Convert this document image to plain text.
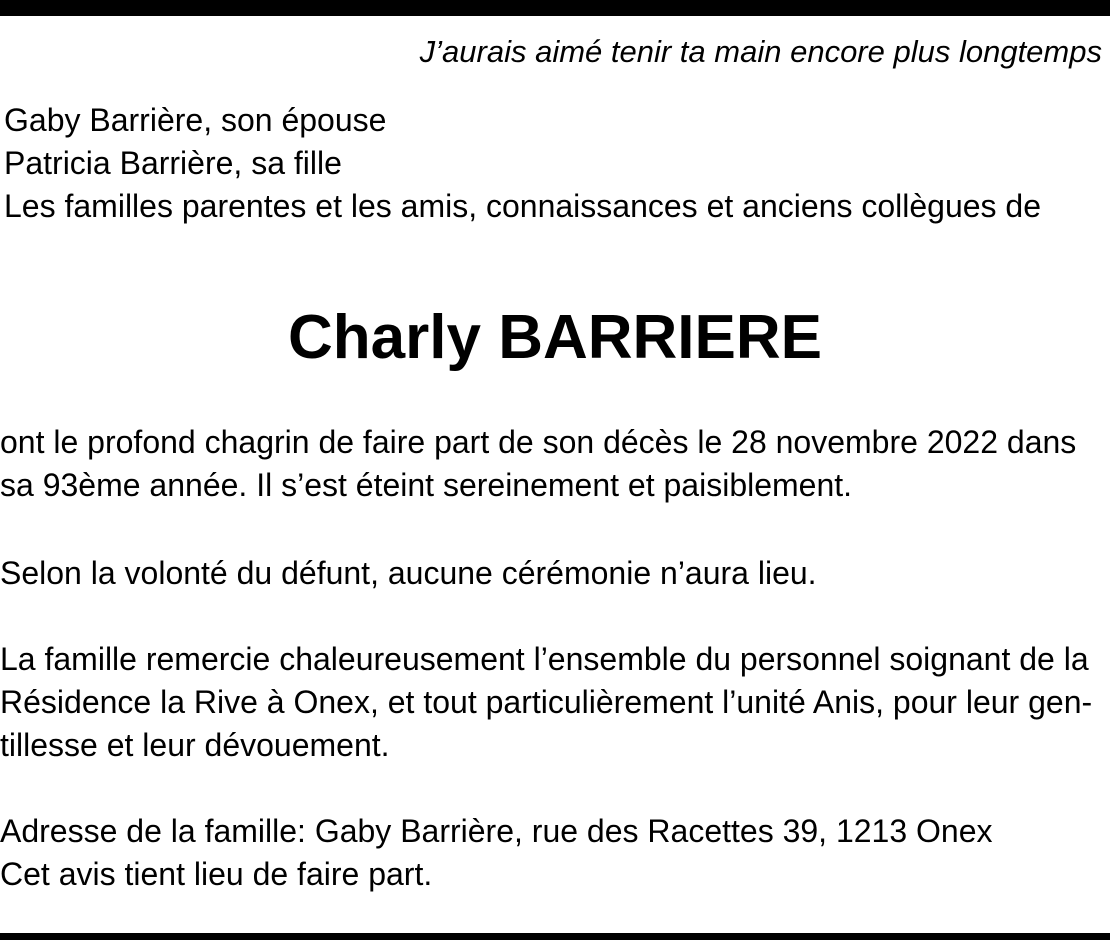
J’aurais aimé tenir ta main encore plus longtemps
Gaby Barrière, son épouse
Patricia Barrière, sa fille
Les familles parentes et les amis, connaissances et anciens collègues de
Charly BARRIERE
ont le profond chagrin de faire part de son décès le 28 novembre 2022 dans
sa 93ème année. Il s’est éteint sereinement et paisiblement.
Selon la volonté du défunt, aucune cérémonie n’aura lieu.
La famille remercie chaleureusement l’ensemble du personnel soignant de la
Résidence la Rive à Onex, et tout particulièrement l’unité Anis, pour leur gen-
tillesse et leur dévouement.
Adresse de la famille: Gaby Barrière, rue des Racettes 39, 1213 Onex
Cet avis tient lieu de faire part.
